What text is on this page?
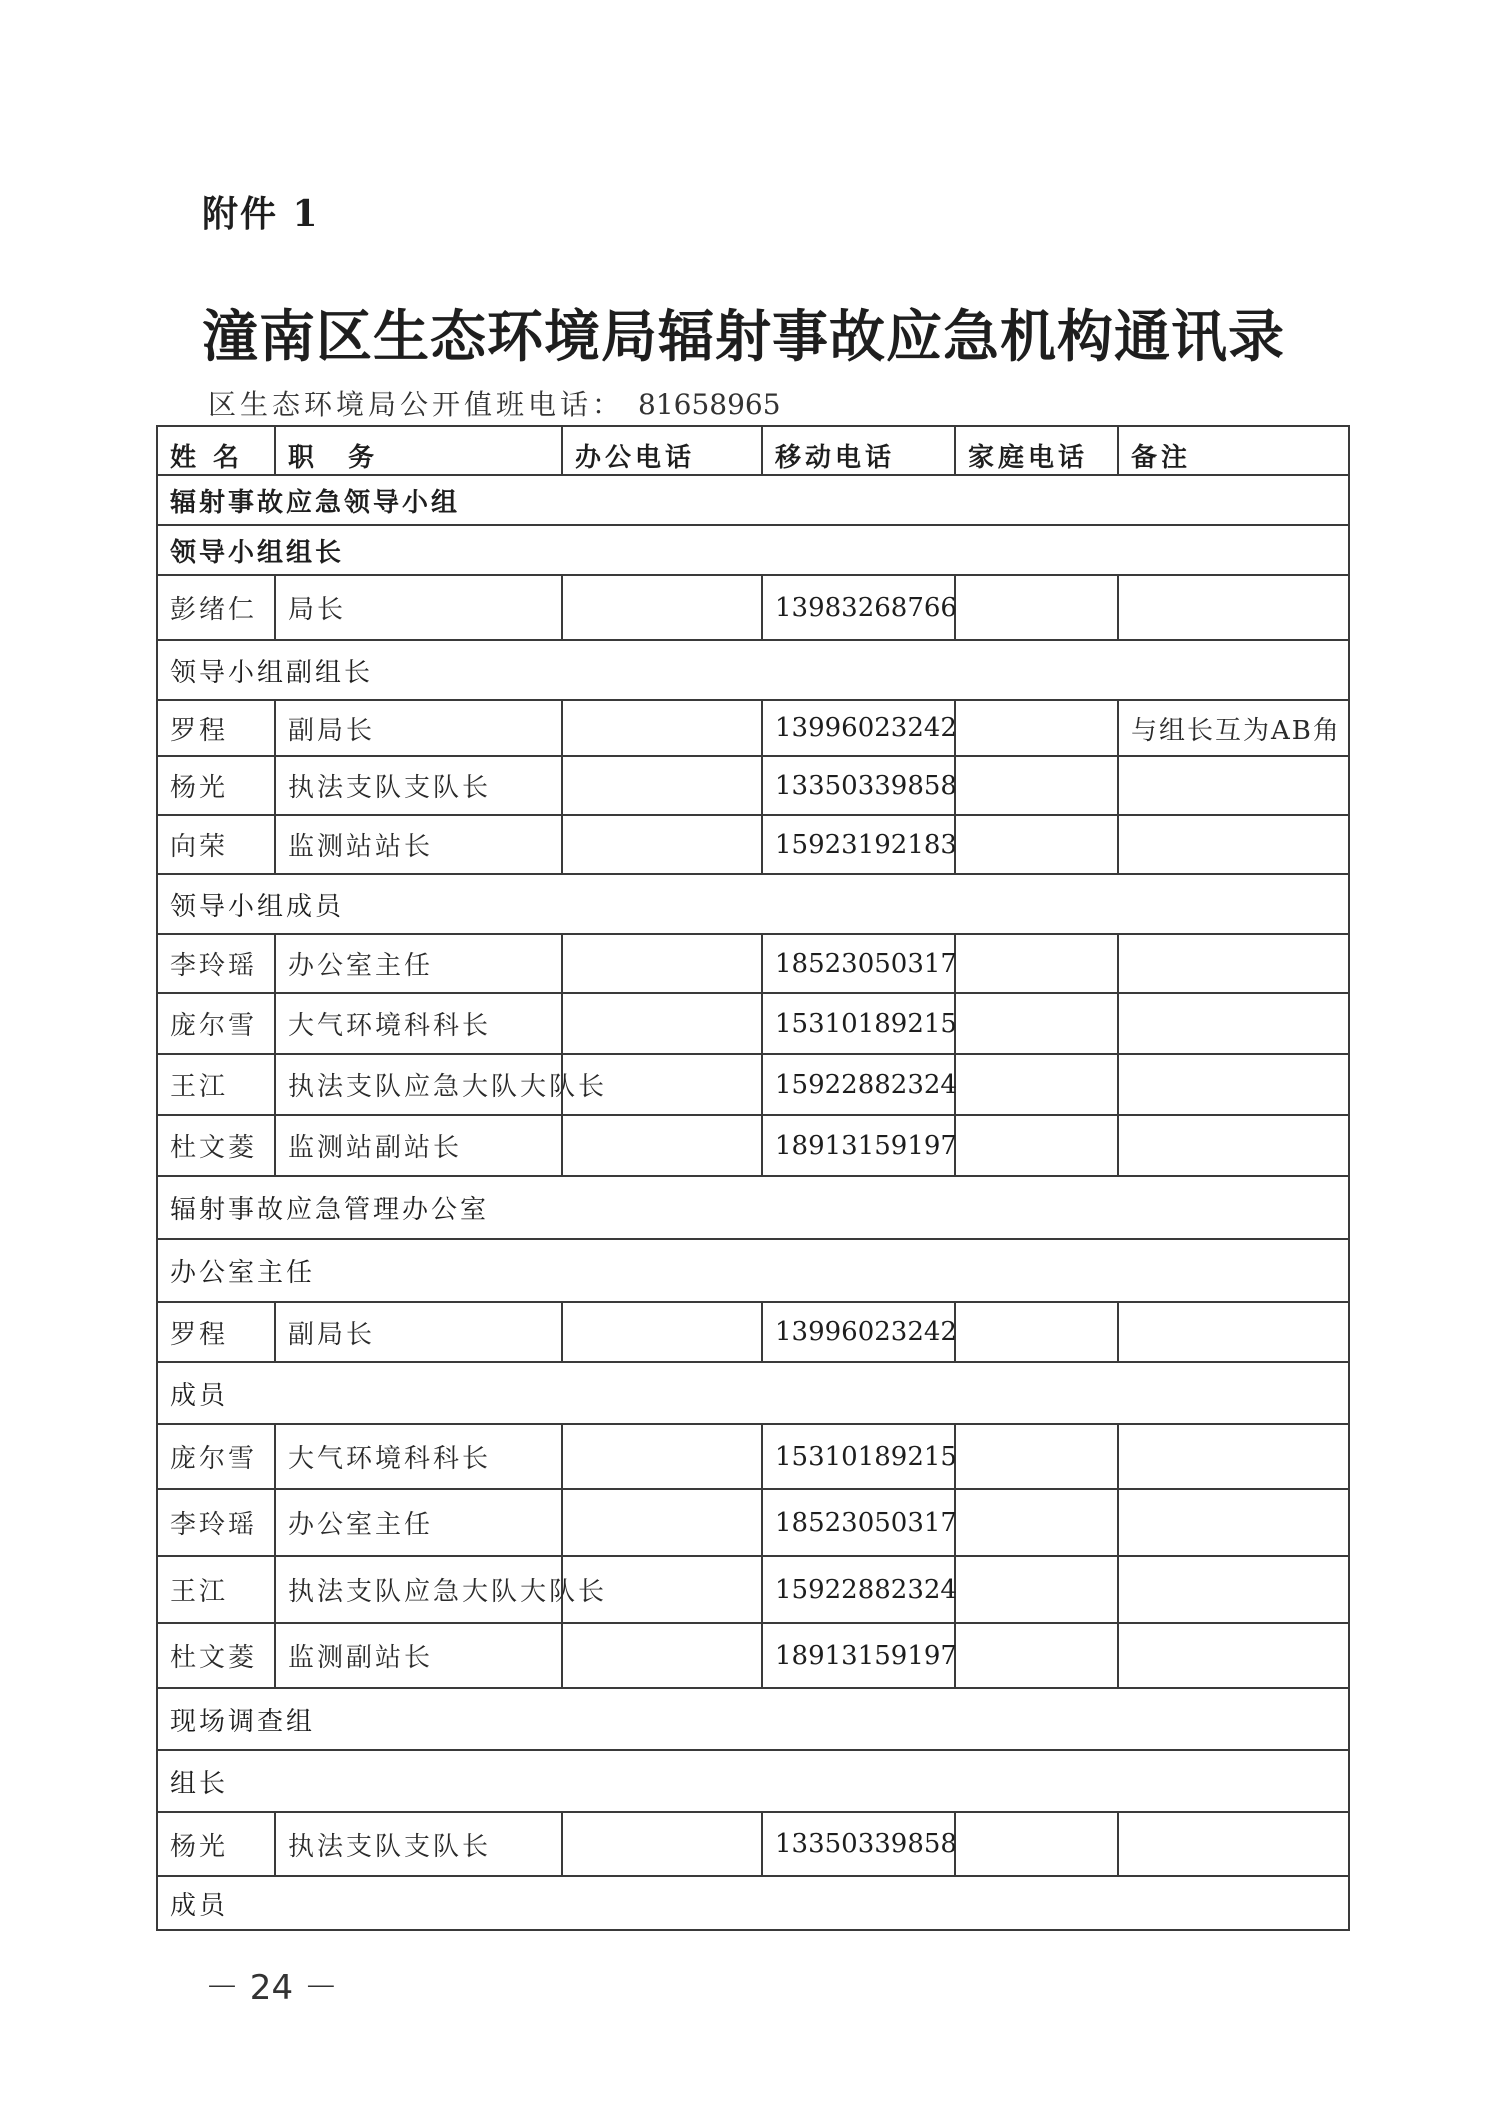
附件 1
潼南区生态环境局辐射事故应急机构通讯录
区生态环境局公开值班电话： 81658965
姓 名	职　务	办公电话	移动电话	家庭电话	备注
辐射事故应急领导小组					
领导小组组长					
彭绪仁	局长		13983268766		
领导小组副组长					
罗程	副局长		13996023242		与组长互为AB角
杨光	执法支队支队长		13350339858		
向荣	监测站站长		15923192183		
领导小组成员					
李玲瑶	办公室主任		18523050317		
庞尔雪	大气环境科科长		15310189215		
王江	执法支队应急大队大队长		15922882324		
杜文菱	监测站副站长		18913159197		
辐射事故应急管理办公室					
办公室主任					
罗程	副局长		13996023242		
成员					
庞尔雪	大气环境科科长		15310189215		
李玲瑶	办公室主任		18523050317		
王江	执法支队应急大队大队长		15922882324		
杜文菱	监测副站长		18913159197		
现场调查组					
组长					
杨光	执法支队支队长		13350339858		
成员					
－ 24 －
